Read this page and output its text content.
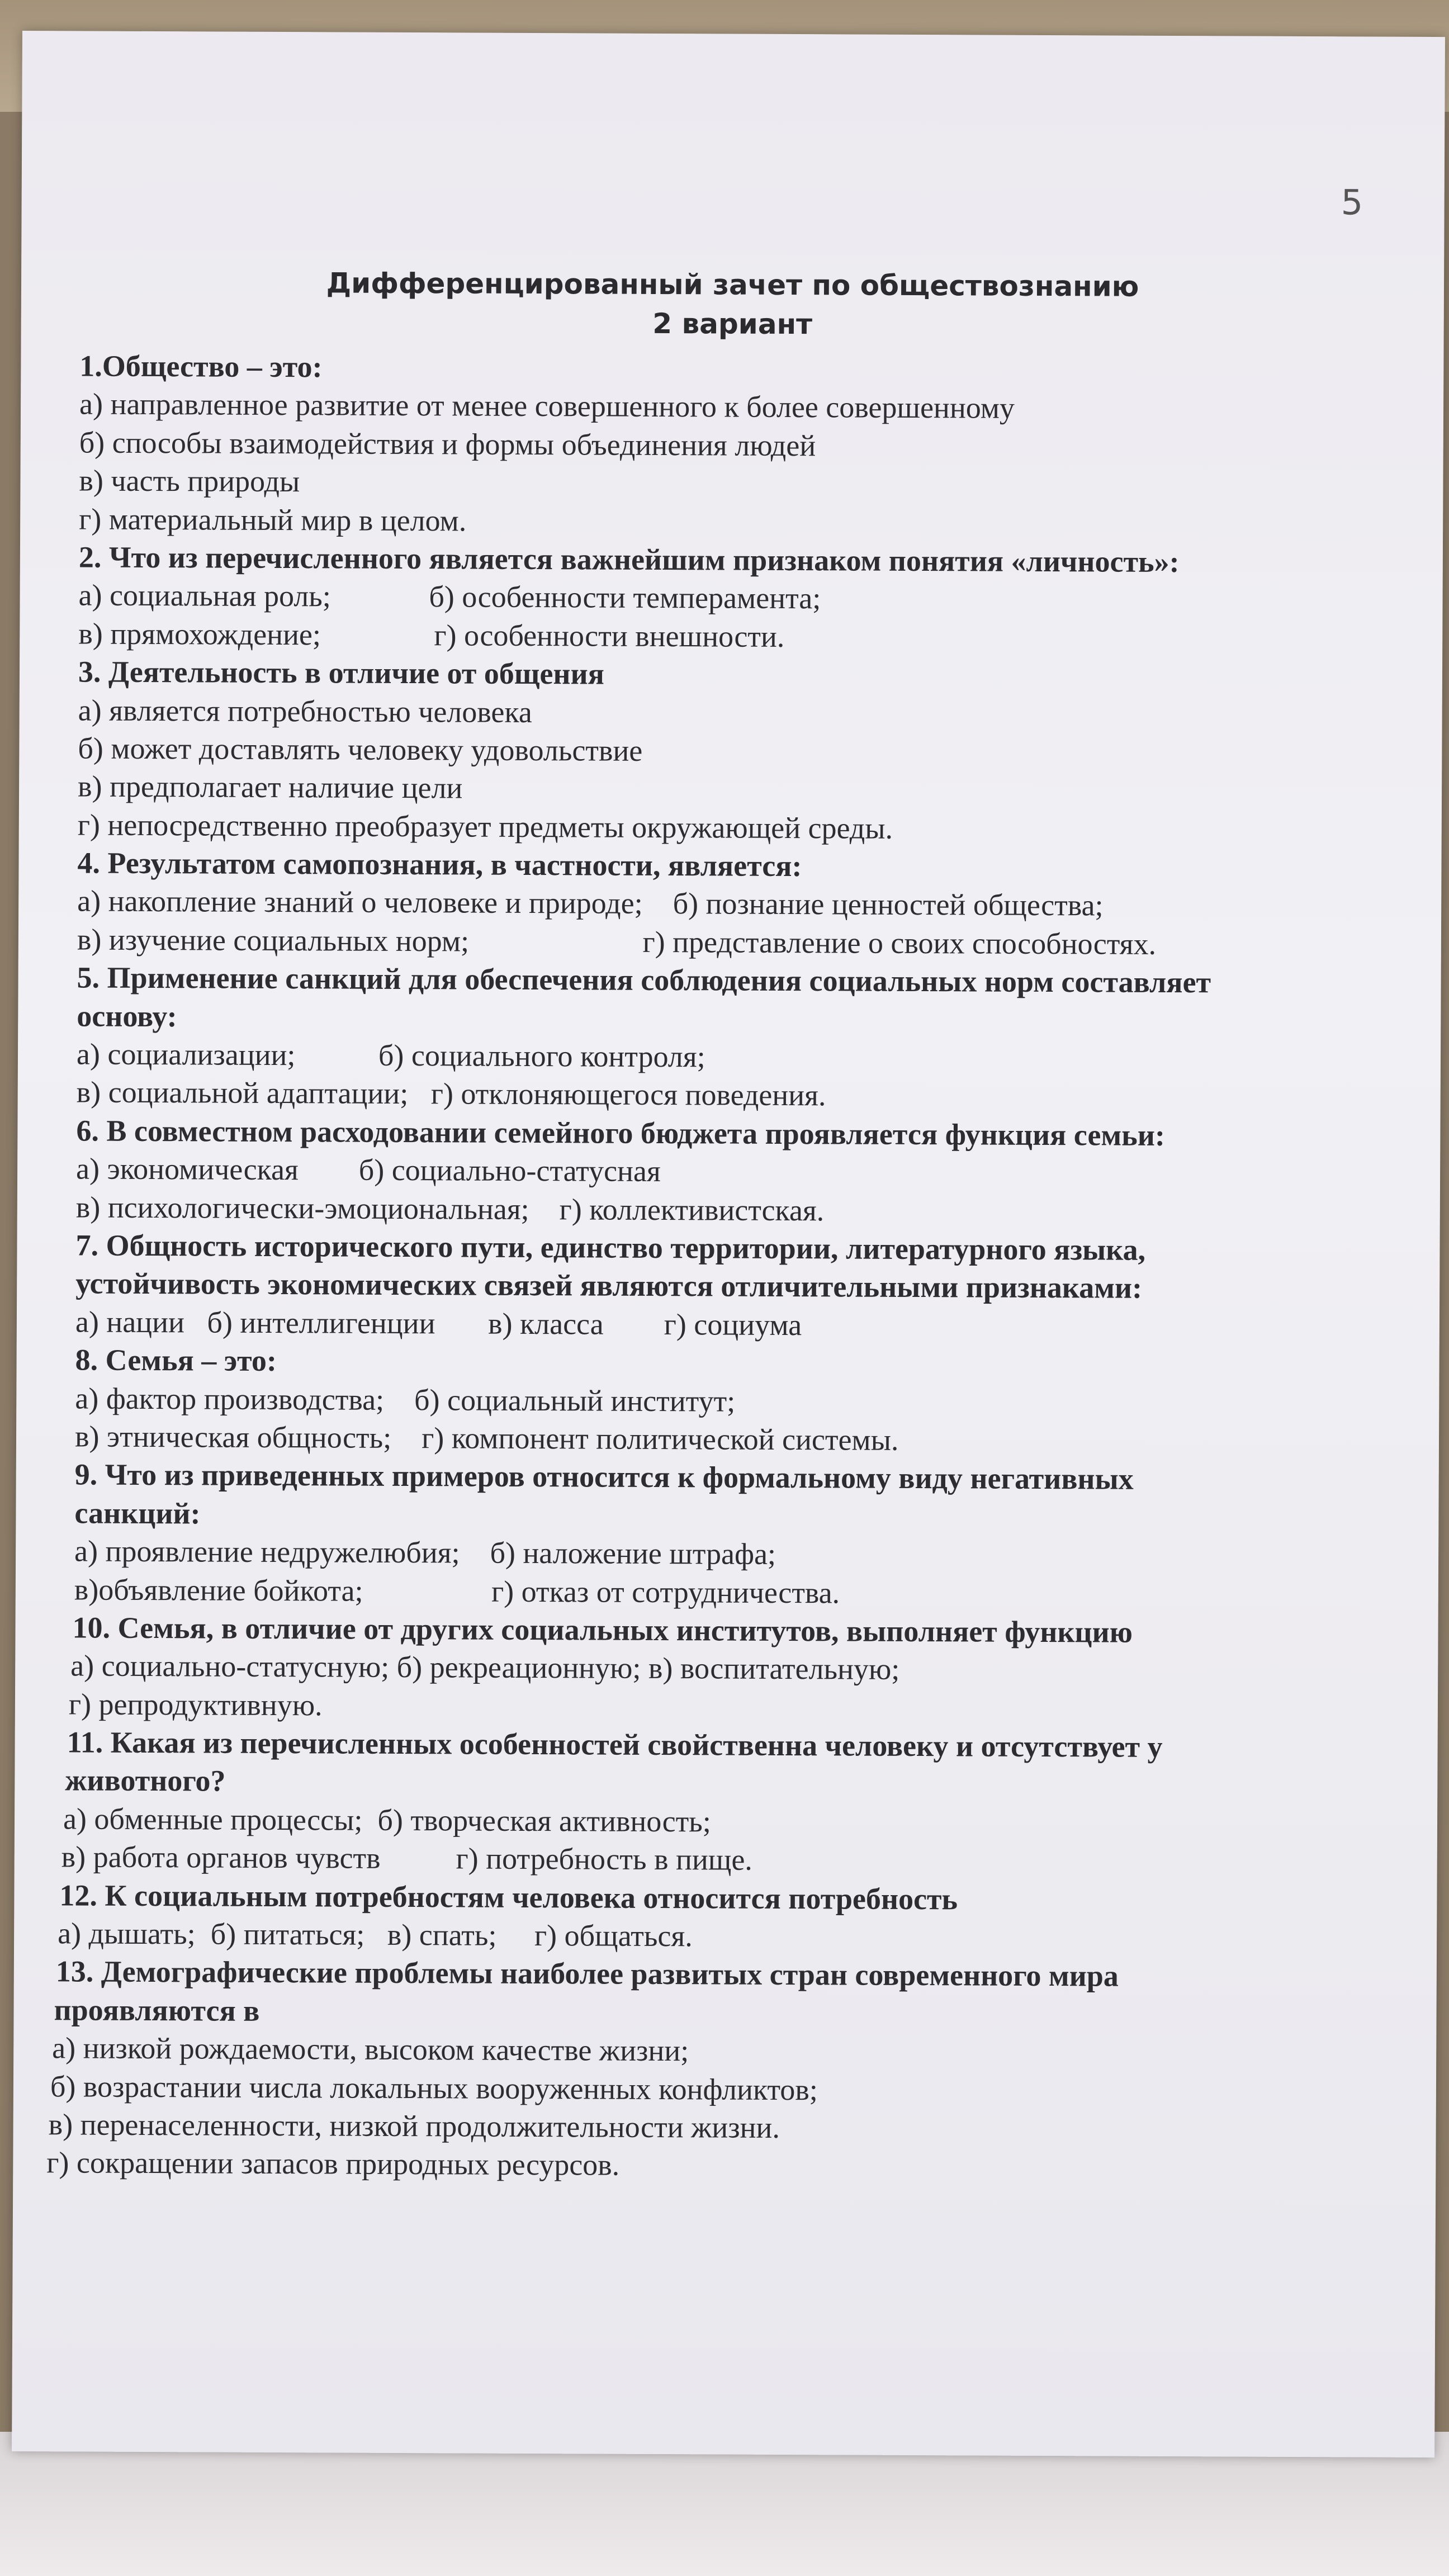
5
Дифференцированный зачет по обществознанию
2 вариант
1.Общество – это:
а) направленное развитие от менее совершенного к более совершенному
б) способы взаимодействия и формы объединения людей
в) часть природы
г) материальный мир в целом.
2. Что из перечисленного является важнейшим признаком понятия «личность»:
а) социальная роль;             б) особенности темперамента;
в) прямохождение;               г) особенности внешности.
3. Деятельность в отличие от общения
а) является потребностью человека
б) может доставлять человеку удовольствие
в) предполагает наличие цели
г) непосредственно преобразует предметы окружающей среды.
4. Результатом самопознания, в частности, является:
а) накопление знаний о человеке и природе;    б) познание ценностей общества;
в) изучение социальных норм;                       г) представление о своих способностях.
5. Применение санкций для обеспечения соблюдения социальных норм составляет
основу:
а) социализации;           б) социального контроля;
в) социальной адаптации;   г) отклоняющегося поведения.
6. В совместном расходовании семейного бюджета проявляется функция семьи:
а) экономическая        б) социально-статусная
в) психологически-эмоциональная;    г) коллективистская.
7. Общность исторического пути, единство территории, литературного языка,
устойчивость экономических связей являются отличительными признаками:
а) нации   б) интеллигенции       в) класса        г) социума
8. Семья – это:
а) фактор производства;    б) социальный институт;
в) этническая общность;    г) компонент политической системы.
9. Что из приведенных примеров относится к формальному виду негативных
санкций:
а) проявление недружелюбия;    б) наложение штрафа;
в)объявление бойкота;                 г) отказ от сотрудничества.
10. Семья, в отличие от других социальных институтов, выполняет функцию
а) социально-статусную; б) рекреационную; в) воспитательную;
г) репродуктивную.
11. Какая из перечисленных особенностей свойственна человеку и отсутствует у
животного?
а) обменные процессы;  б) творческая активность;
в) работа органов чувств          г) потребность в пище.
12. К социальным потребностям человека относится потребность
а) дышать;  б) питаться;   в) спать;     г) общаться.
13. Демографические проблемы наиболее развитых стран современного мира
проявляются в
а) низкой рождаемости, высоком качестве жизни;
б) возрастании числа локальных вооруженных конфликтов;
в) перенаселенности, низкой продолжительности жизни.
г) сокращении запасов природных ресурсов.
